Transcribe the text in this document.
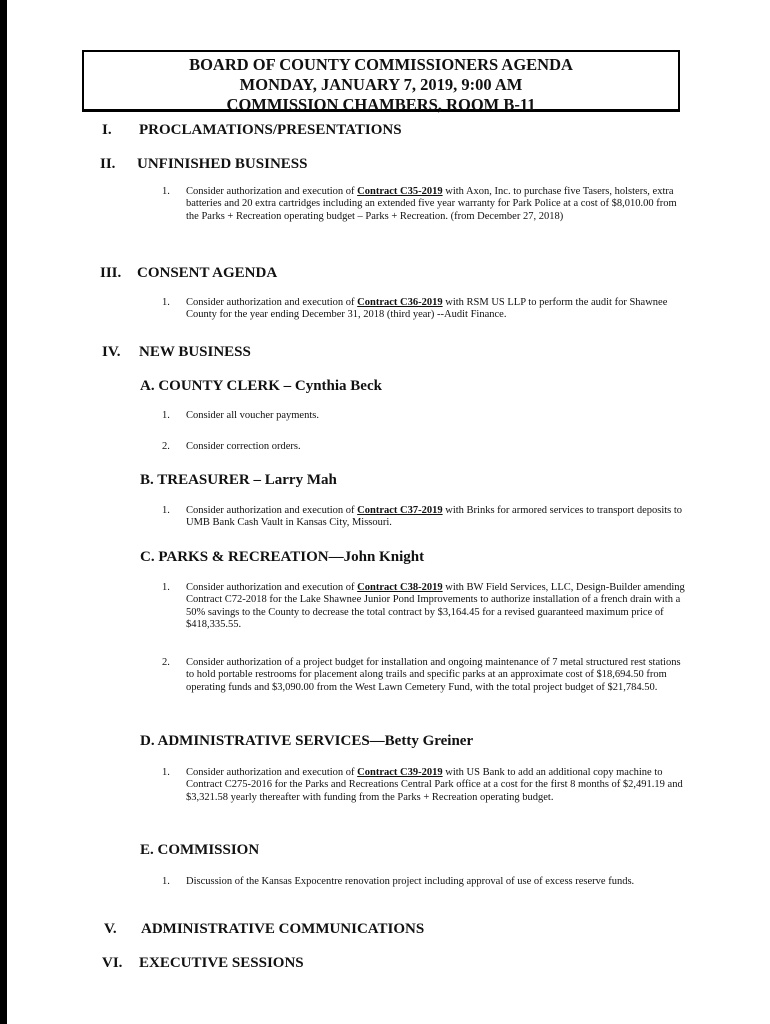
BOARD OF COUNTY COMMISSIONERS AGENDA
MONDAY, JANUARY 7, 2019, 9:00 AM
COMMISSION CHAMBERS, ROOM B-11
I. PROCLAMATIONS/PRESENTATIONS
II. UNFINISHED BUSINESS
1. Consider authorization and execution of Contract C35-2019 with Axon, Inc. to purchase five Tasers, holsters, extra batteries and 20 extra cartridges including an extended five year warranty for Park Police at a cost of $8,010.00 from the Parks + Recreation operating budget – Parks + Recreation. (from December 27, 2018)
III. CONSENT AGENDA
1. Consider authorization and execution of Contract C36-2019 with RSM US LLP to perform the audit for Shawnee County for the year ending December 31, 2018 (third year) --Audit Finance.
IV. NEW BUSINESS
A. COUNTY CLERK – Cynthia Beck
1. Consider all voucher payments.
2. Consider correction orders.
B. TREASURER – Larry Mah
1. Consider authorization and execution of Contract C37-2019 with Brinks for armored services to transport deposits to UMB Bank Cash Vault in Kansas City, Missouri.
C. PARKS & RECREATION—John Knight
1. Consider authorization and execution of Contract C38-2019 with BW Field Services, LLC, Design-Builder amending Contract C72-2018 for the Lake Shawnee Junior Pond Improvements to authorize installation of a french drain with a 50% savings to the County to decrease the total contract by $3,164.45 for a revised guaranteed maximum price of $418,335.55.
2. Consider authorization of a project budget for installation and ongoing maintenance of 7 metal structured rest stations to hold portable restrooms for placement along trails and specific parks at an approximate cost of $18,694.50 from operating funds and $3,090.00 from the West Lawn Cemetery Fund, with the total project budget of $21,784.50.
D. ADMINISTRATIVE SERVICES—Betty Greiner
1. Consider authorization and execution of Contract C39-2019 with US Bank to add an additional copy machine to Contract C275-2016 for the Parks and Recreations Central Park office at a cost for the first 8 months of $2,491.19 and $3,321.58 yearly thereafter with funding from the Parks + Recreation operating budget.
E. COMMISSION
1. Discussion of the Kansas Expocentre renovation project including approval of use of excess reserve funds.
V. ADMINISTRATIVE COMMUNICATIONS
VI. EXECUTIVE SESSIONS
